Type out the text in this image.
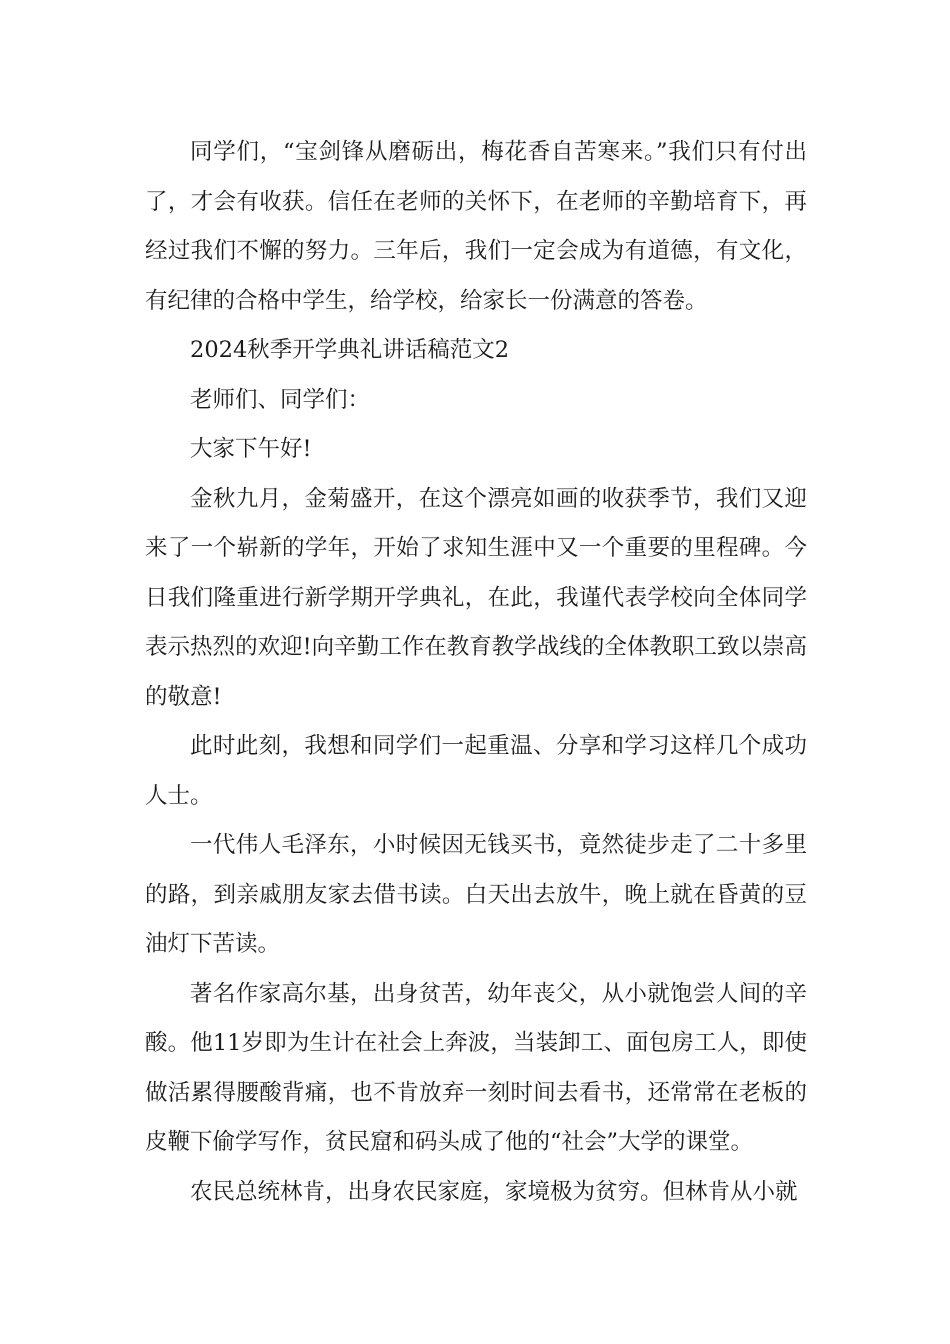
同学们，“宝剑锋从磨砺出，梅花香自苦寒来。”我们只有付出了，才会有收获。信任在老师的关怀下，在老师的辛勤培育下，再经过我们不懈的努力。三年后，我们一定会成为有道德，有文化，有纪律的合格中学生，给学校，给家长一份满意的答卷。

2024秋季开学典礼讲话稿范文2

老师们、同学们：

大家下午好!

金秋九月，金菊盛开，在这个漂亮如画的收获季节，我们又迎来了一个崭新的学年，开始了求知生涯中又一个重要的里程碑。今日我们隆重进行新学期开学典礼，在此，我谨代表学校向全体同学表示热烈的欢迎!向辛勤工作在教育教学战线的全体教职工致以崇高的敬意!

此时此刻，我想和同学们一起重温、分享和学习这样几个成功人士。

一代伟人毛泽东，小时候因无钱买书，竟然徒步走了二十多里的路，到亲戚朋友家去借书读。白天出去放牛，晚上就在昏黄的豆油灯下苦读。

著名作家高尔基，出身贫苦，幼年丧父，从小就饱尝人间的辛酸。他11岁即为生计在社会上奔波，当装卸工、面包房工人，即使做活累得腰酸背痛，也不肯放弃一刻时间去看书，还常常在老板的皮鞭下偷学写作，贫民窟和码头成了他的“社会”大学的课堂。

农民总统林肯，出身农民家庭，家境极为贫穷。但林肯从小就
